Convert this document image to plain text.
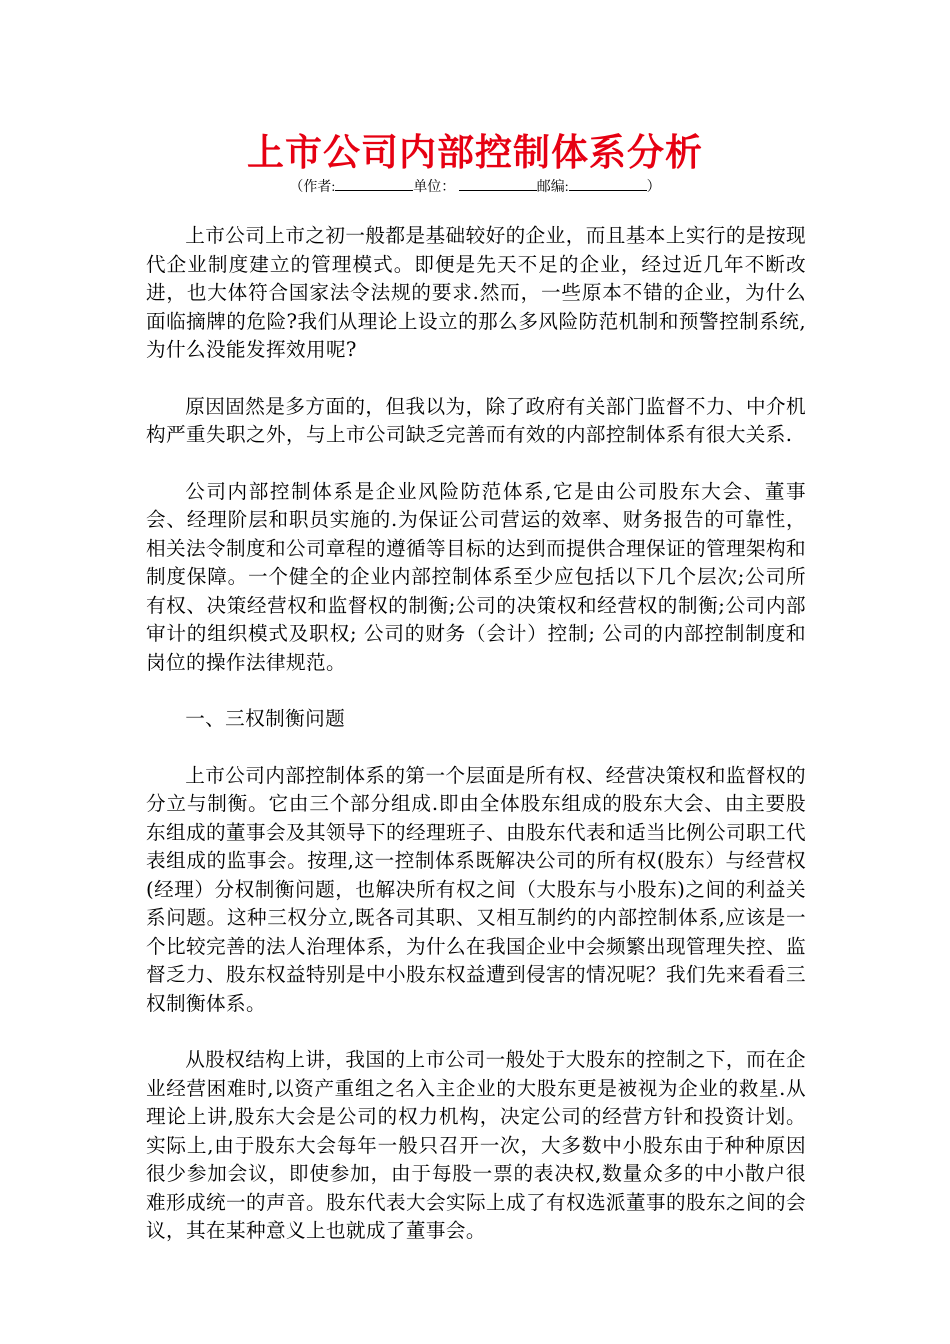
上市公司内部控制体系分析
（作者:	单位：	邮编:	）

上市公司上市之初一般都是基础较好的企业，而且基本上实行的是按现代企业制度建立的管理模式。即便是先天不足的企业，经过近几年不断改进，也大体符合国家法令法规的要求.然而，一些原本不错的企业，为什么面临摘牌的危险?我们从理论上设立的那么多风险防范机制和预警控制系统,为什么没能发挥效用呢?

原因固然是多方面的，但我以为，除了政府有关部门监督不力、中介机构严重失职之外，与上市公司缺乏完善而有效的内部控制体系有很大关系.

公司内部控制体系是企业风险防范体系,它是由公司股东大会、董事会、经理阶层和职员实施的.为保证公司营运的效率、财务报告的可靠性，相关法令制度和公司章程的遵循等目标的达到而提供合理保证的管理架构和制度保障。一个健全的企业内部控制体系至少应包括以下几个层次;公司所有权、决策经营权和监督权的制衡;公司的决策权和经营权的制衡;公司内部审计的组织模式及职权; 公司的财务（会计）控制; 公司的内部控制制度和岗位的操作法律规范。

一、三权制衡问题

上市公司内部控制体系的第一个层面是所有权、经营决策权和监督权的分立与制衡。它由三个部分组成.即由全体股东组成的股东大会、由主要股东组成的董事会及其领导下的经理班子、由股东代表和适当比例公司职工代表组成的监事会。按理,这一控制体系既解决公司的所有权(股东）与经营权(经理）分权制衡问题，也解决所有权之间（大股东与小股东)之间的利益关系问题。这种三权分立,既各司其职、又相互制约的内部控制体系,应该是一个比较完善的法人治理体系，为什么在我国企业中会频繁出现管理失控、监督乏力、股东权益特别是中小股东权益遭到侵害的情况呢？我们先来看看三权制衡体系。

从股权结构上讲，我国的上市公司一般处于大股东的控制之下，而在企业经营困难时,以资产重组之名入主企业的大股东更是被视为企业的救星.从理论上讲,股东大会是公司的权力机构，决定公司的经营方针和投资计划。实际上,由于股东大会每年一般只召开一次，大多数中小股东由于种种原因很少参加会议，即使参加，由于每股一票的表决权,数量众多的中小散户很难形成统一的声音。股东代表大会实际上成了有权选派董事的股东之间的会议，其在某种意义上也就成了董事会。
